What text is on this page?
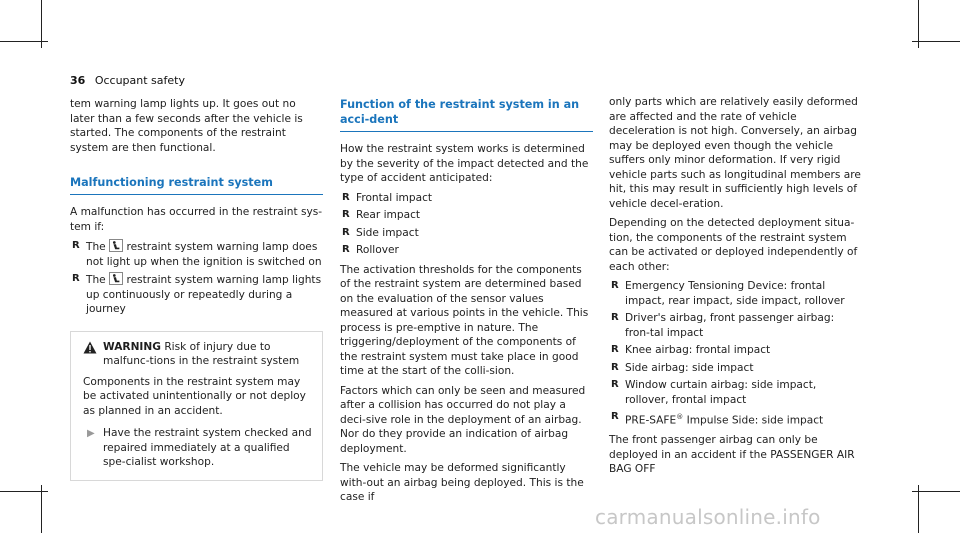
36 Occupant safety

tem warning lamp lights up. It goes out no later than a few seconds after the vehicle is started. The components of the restraint system are then functional.

Malfunctioning restraint system

A malfunction has occurred in the restraint sys-tem if:

R The restraint system warning lamp does not light up when the ignition is switched on
R The restraint system warning lamp lights up continuously or repeatedly during a journey
WARNING Risk of injury due to malfunc-tions in the restraint system

Components in the restraint system may be activated unintentionally or not deploy as planned in an accident.

▶ Have the restraint system checked and repaired immediately at a qualified spe-cialist workshop.
Function of the restraint system in an acci-dent

How the restraint system works is determined by the severity of the impact detected and the type of accident anticipated:

R Frontal impact
R Rear impact
R Side impact
R Rollover

The activation thresholds for the components of the restraint system are determined based on the evaluation of the sensor values measured at various points in the vehicle. This process is pre-emptive in nature. The triggering/deployment of the components of the restraint system must take place in good time at the start of the colli-sion.

Factors which can only be seen and measured after a collision has occurred do not play a deci-sive role in the deployment of an airbag. Nor do they provide an indication of airbag deployment.

The vehicle may be deformed significantly with-out an airbag being deployed. This is the case if

only parts which are relatively easily deformed are affected and the rate of vehicle deceleration is not high. Conversely, an airbag may be deployed even though the vehicle suffers only minor deformation. If very rigid vehicle parts such as longitudinal members are hit, this may result in sufficiently high levels of vehicle decel-eration.

Depending on the detected deployment situa-tion, the components of the restraint system can be activated or deployed independently of each other:

R Emergency Tensioning Device: frontal impact, rear impact, side impact, rollover
R Driver's airbag, front passenger airbag: fron-tal impact
R Knee airbag: frontal impact
R Side airbag: side impact
R Window curtain airbag: side impact, rollover, frontal impact
R PRE-SAFE® Impulse Side: side impact

The front passenger airbag can only be deployed in an accident if the PASSENGER AIR BAG OFF

carmanualsonline.info
